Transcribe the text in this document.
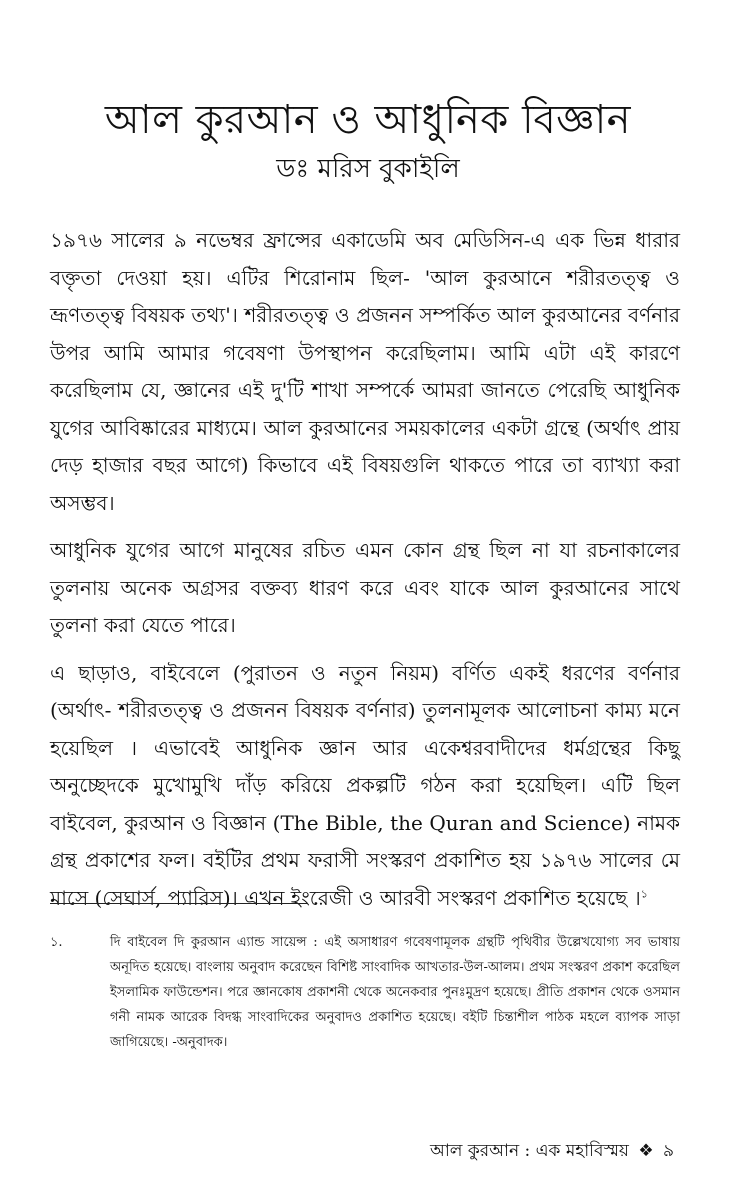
আল কুরআন ও আধুনিক বিজ্ঞান
ডঃ মরিস বুকাইলি

১৯৭৬ সালের ৯ নভেম্বর ফ্রান্সের একাডেমি অব মেডিসিন-এ এক ভিন্ন ধারার বক্তৃতা দেওয়া হয়। এটির শিরোনাম ছিল- 'আল কুরআনে শরীরতত্ত্ব ও ভ্রূণতত্ত্ব বিষয়ক তথ্য'। শরীরতত্ত্ব ও প্রজনন সম্পর্কিত আল কুরআনের বর্ণনার উপর আমি আমার গবেষণা উপস্থাপন করেছিলাম। আমি এটা এই কারণে করেছিলাম যে, জ্ঞানের এই দু'টি শাখা সম্পর্কে আমরা জানতে পেরেছি আধুনিক যুগের আবিষ্কারের মাধ্যমে। আল কুরআনের সময়কালের একটা গ্রন্থে (অর্থাৎ প্রায় দেড় হাজার বছর আগে) কিভাবে এই বিষয়গুলি থাকতে পারে তা ব্যাখ্যা করা অসম্ভব।

আধুনিক যুগের আগে মানুষের রচিত এমন কোন গ্রন্থ ছিল না যা রচনাকালের তুলনায় অনেক অগ্রসর বক্তব্য ধারণ করে এবং যাকে আল কুরআনের সাথে তুলনা করা যেতে পারে।

এ ছাড়াও, বাইবেলে (পুরাতন ও নতুন নিয়ম) বর্ণিত একই ধরণের বর্ণনার (অর্থাৎ- শরীরতত্ত্ব ও প্রজনন বিষয়ক বর্ণনার) তুলনামূলক আলোচনা কাম্য মনে হয়েছিল । এভাবেই আধুনিক জ্ঞান আর একেশ্বরবাদীদের ধর্মগ্রন্থের কিছু অনুচ্ছেদকে মুখোমুখি দাঁড় করিয়ে প্রকল্পটি গঠন করা হয়েছিল। এটি ছিল বাইবেল, কুরআন ও বিজ্ঞান (The Bible, the Quran and Science) নামক গ্রন্থ প্রকাশের ফল। বইটির প্রথম ফরাসী সংস্করণ প্রকাশিত হয় ১৯৭৬ সালের মে মাসে (সেঘার্স, প্যারিস)। এখন ইংরেজী ও আরবী সংস্করণ প্রকাশিত হয়েছে ।$^১$

১.	দি বাইবেল দি কুরআন এ্যান্ড সায়েন্স : এই অসাধারণ গবেষণামূলক গ্রন্থটি পৃথিবীর উল্লেখযোগ্য সব ভাষায় অনূদিত হয়েছে। বাংলায় অনুবাদ করেছেন বিশিষ্ট সাংবাদিক আখতার-উল-আলম। প্রথম সংস্করণ প্রকাশ করেছিল ইসলামিক ফাউন্ডেশন। পরে জ্ঞানকোষ প্রকাশনী থেকে অনেকবার পুনঃমুদ্রণ হয়েছে। প্রীতি প্রকাশন থেকে ওসমান গনী নামক আরেক বিদগ্ধ সাংবাদিকের অনুবাদও প্রকাশিত হয়েছে। বইটি চিন্তাশীল পাঠক মহলে ব্যাপক সাড়া জাগিয়েছে। -অনুবাদক।
আল কুরআন : এক মহাবিস্ময় ❖ ৯
